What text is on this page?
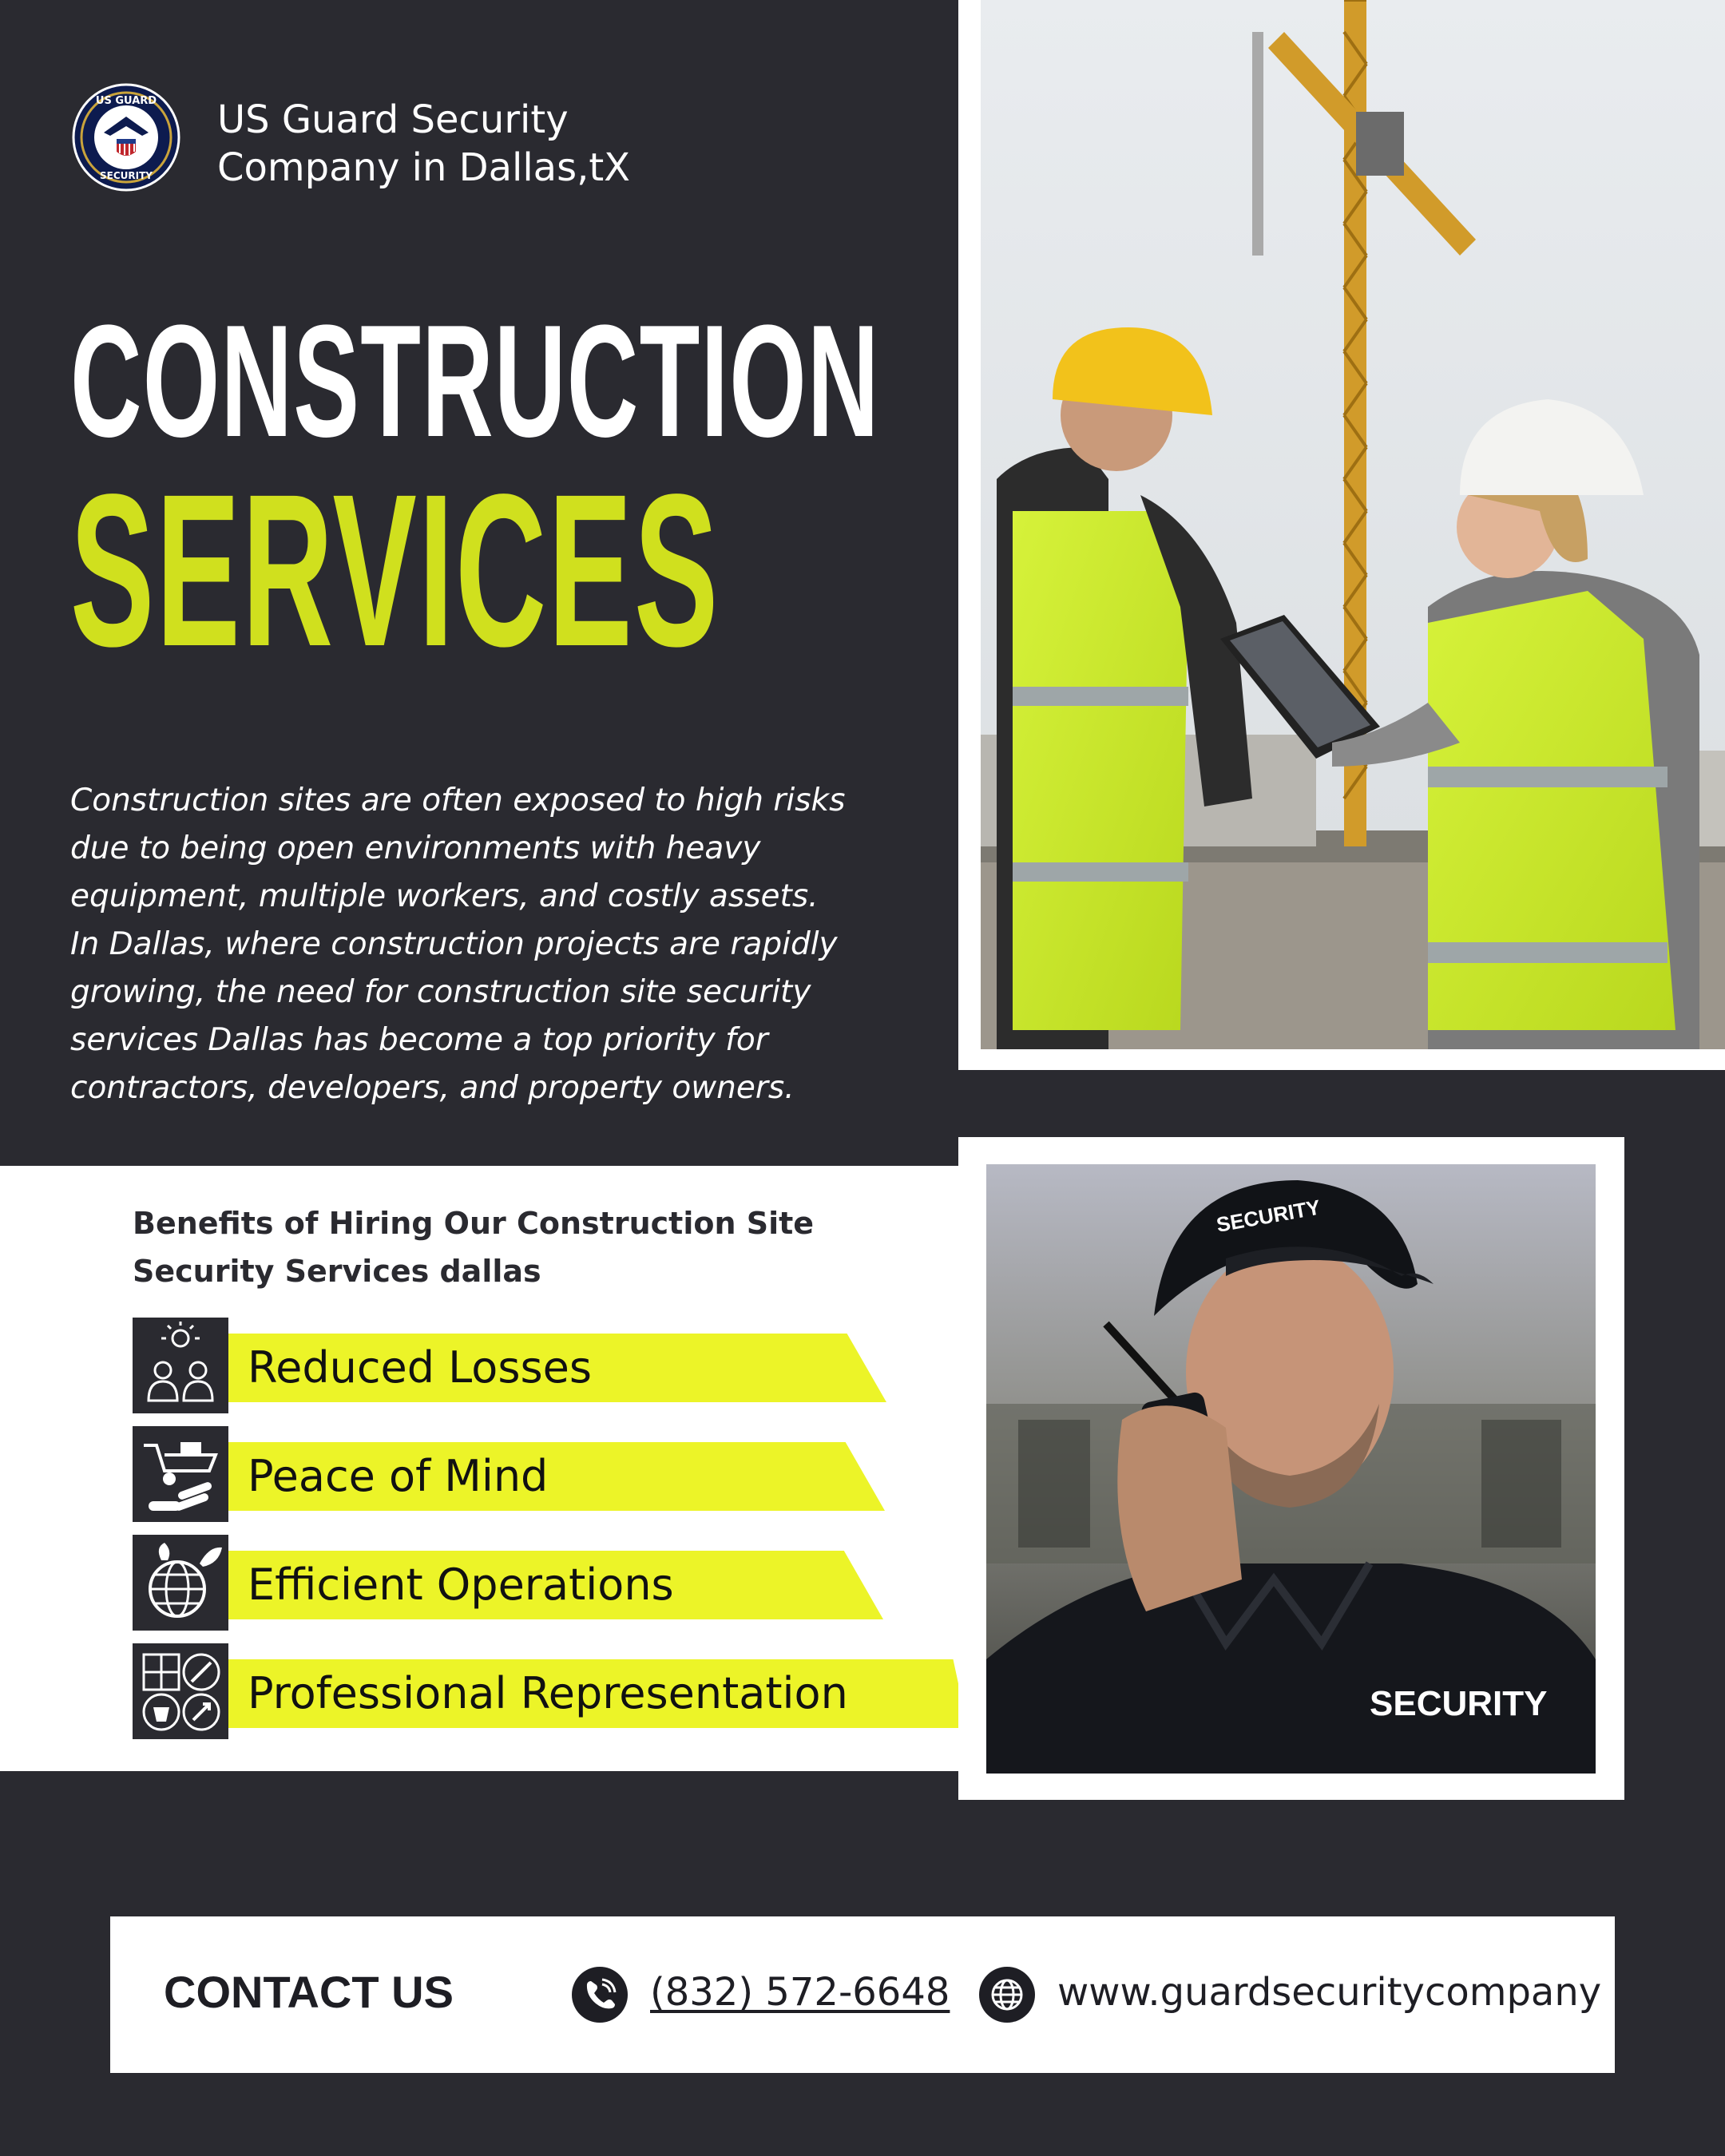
US GUARD
SECURITY
US Guard Security
Company in Dallas,tX
CONSTRUCTION
SERVICES

Construction sites are often exposed to high risks due to being open environments with heavy equipment, multiple workers, and costly assets. In Dallas, where construction projects are rapidly growing, the need for construction site security services Dallas has become a top priority for contractors, developers, and property owners.

Benefits of Hiring Our Construction Site Security Services dallas

Reduced Losses
Peace of Mind
Efficient Operations
Professional Representation
SECURITY
SECURITY
CONTACT US	(832) 572-6648	www.guardsecuritycompany
